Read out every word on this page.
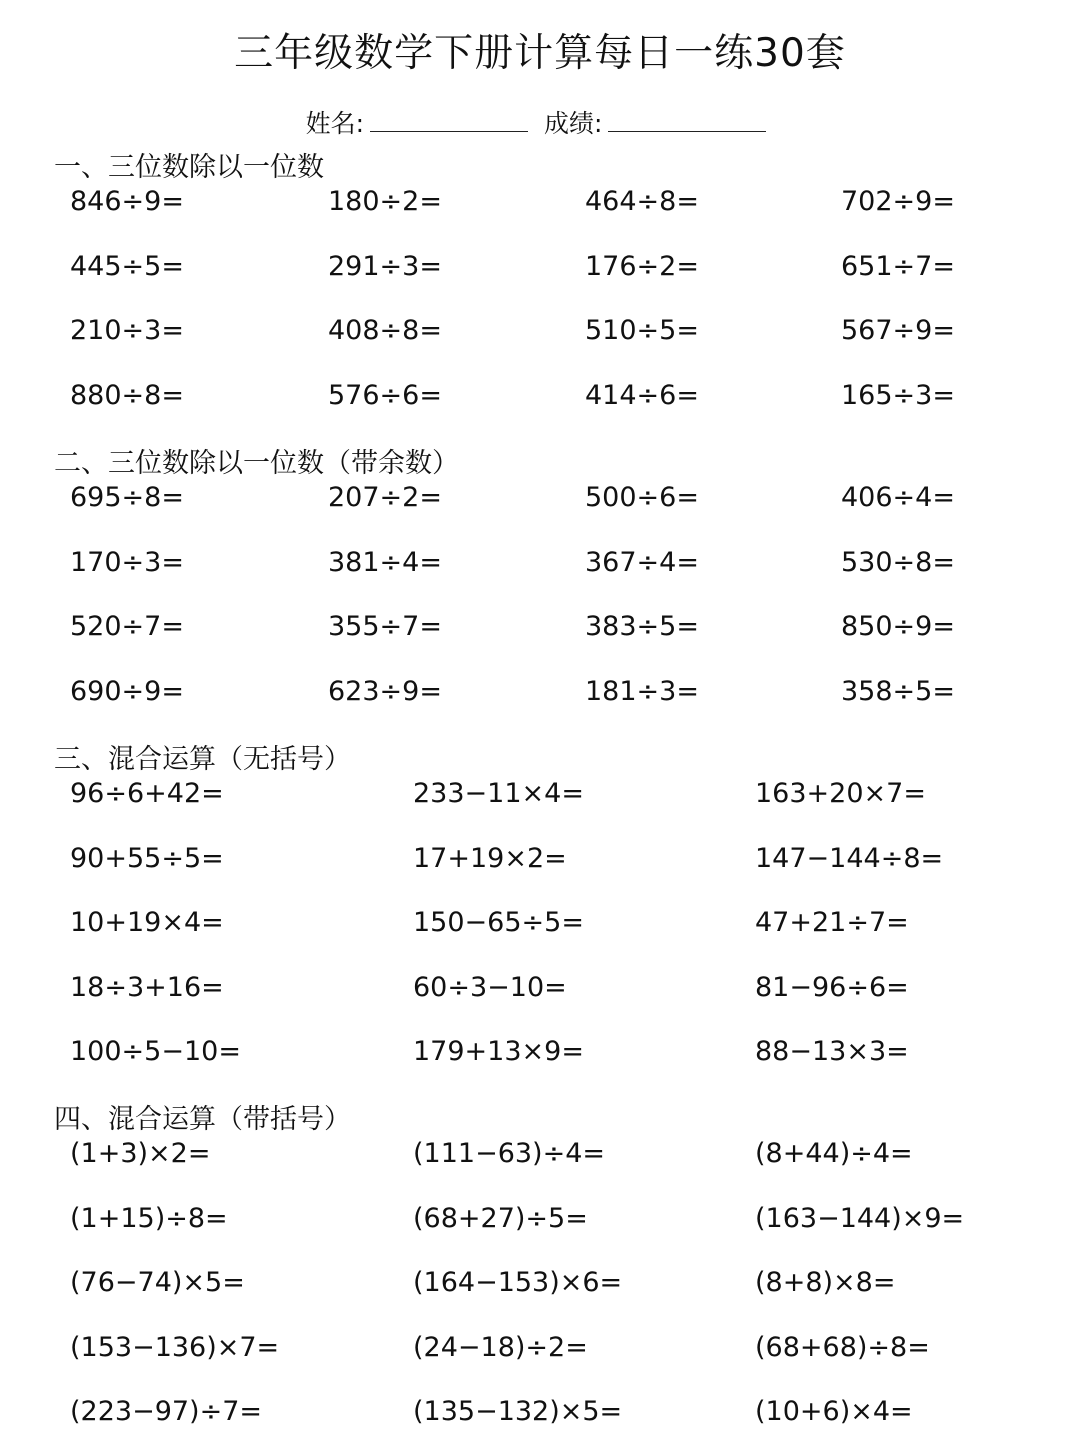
三年级数学下册计算每日一练30套
姓名:	成绩:
一、三位数除以一位数
846÷9=	180÷2=	464÷8=	702÷9=
445÷5=	291÷3=	176÷2=	651÷7=
210÷3=	408÷8=	510÷5=	567÷9=
880÷8=	576÷6=	414÷6=	165÷3=
二、三位数除以一位数（带余数）
695÷8=	207÷2=	500÷6=	406÷4=
170÷3=	381÷4=	367÷4=	530÷8=
520÷7=	355÷7=	383÷5=	850÷9=
690÷9=	623÷9=	181÷3=	358÷5=
三、混合运算（无括号）
96÷6+42=	233−11×4=	163+20×7=
90+55÷5=	17+19×2=	147−144÷8=
10+19×4=	150−65÷5=	47+21÷7=
18÷3+16=	60÷3−10=	81−96÷6=
100÷5−10=	179+13×9=	88−13×3=
四、混合运算（带括号）
(1+3)×2=	(111−63)÷4=	(8+44)÷4=
(1+15)÷8=	(68+27)÷5=	(163−144)×9=
(76−74)×5=	(164−153)×6=	(8+8)×8=
(153−136)×7=	(24−18)÷2=	(68+68)÷8=
(223−97)÷7=	(135−132)×5=	(10+6)×4=
